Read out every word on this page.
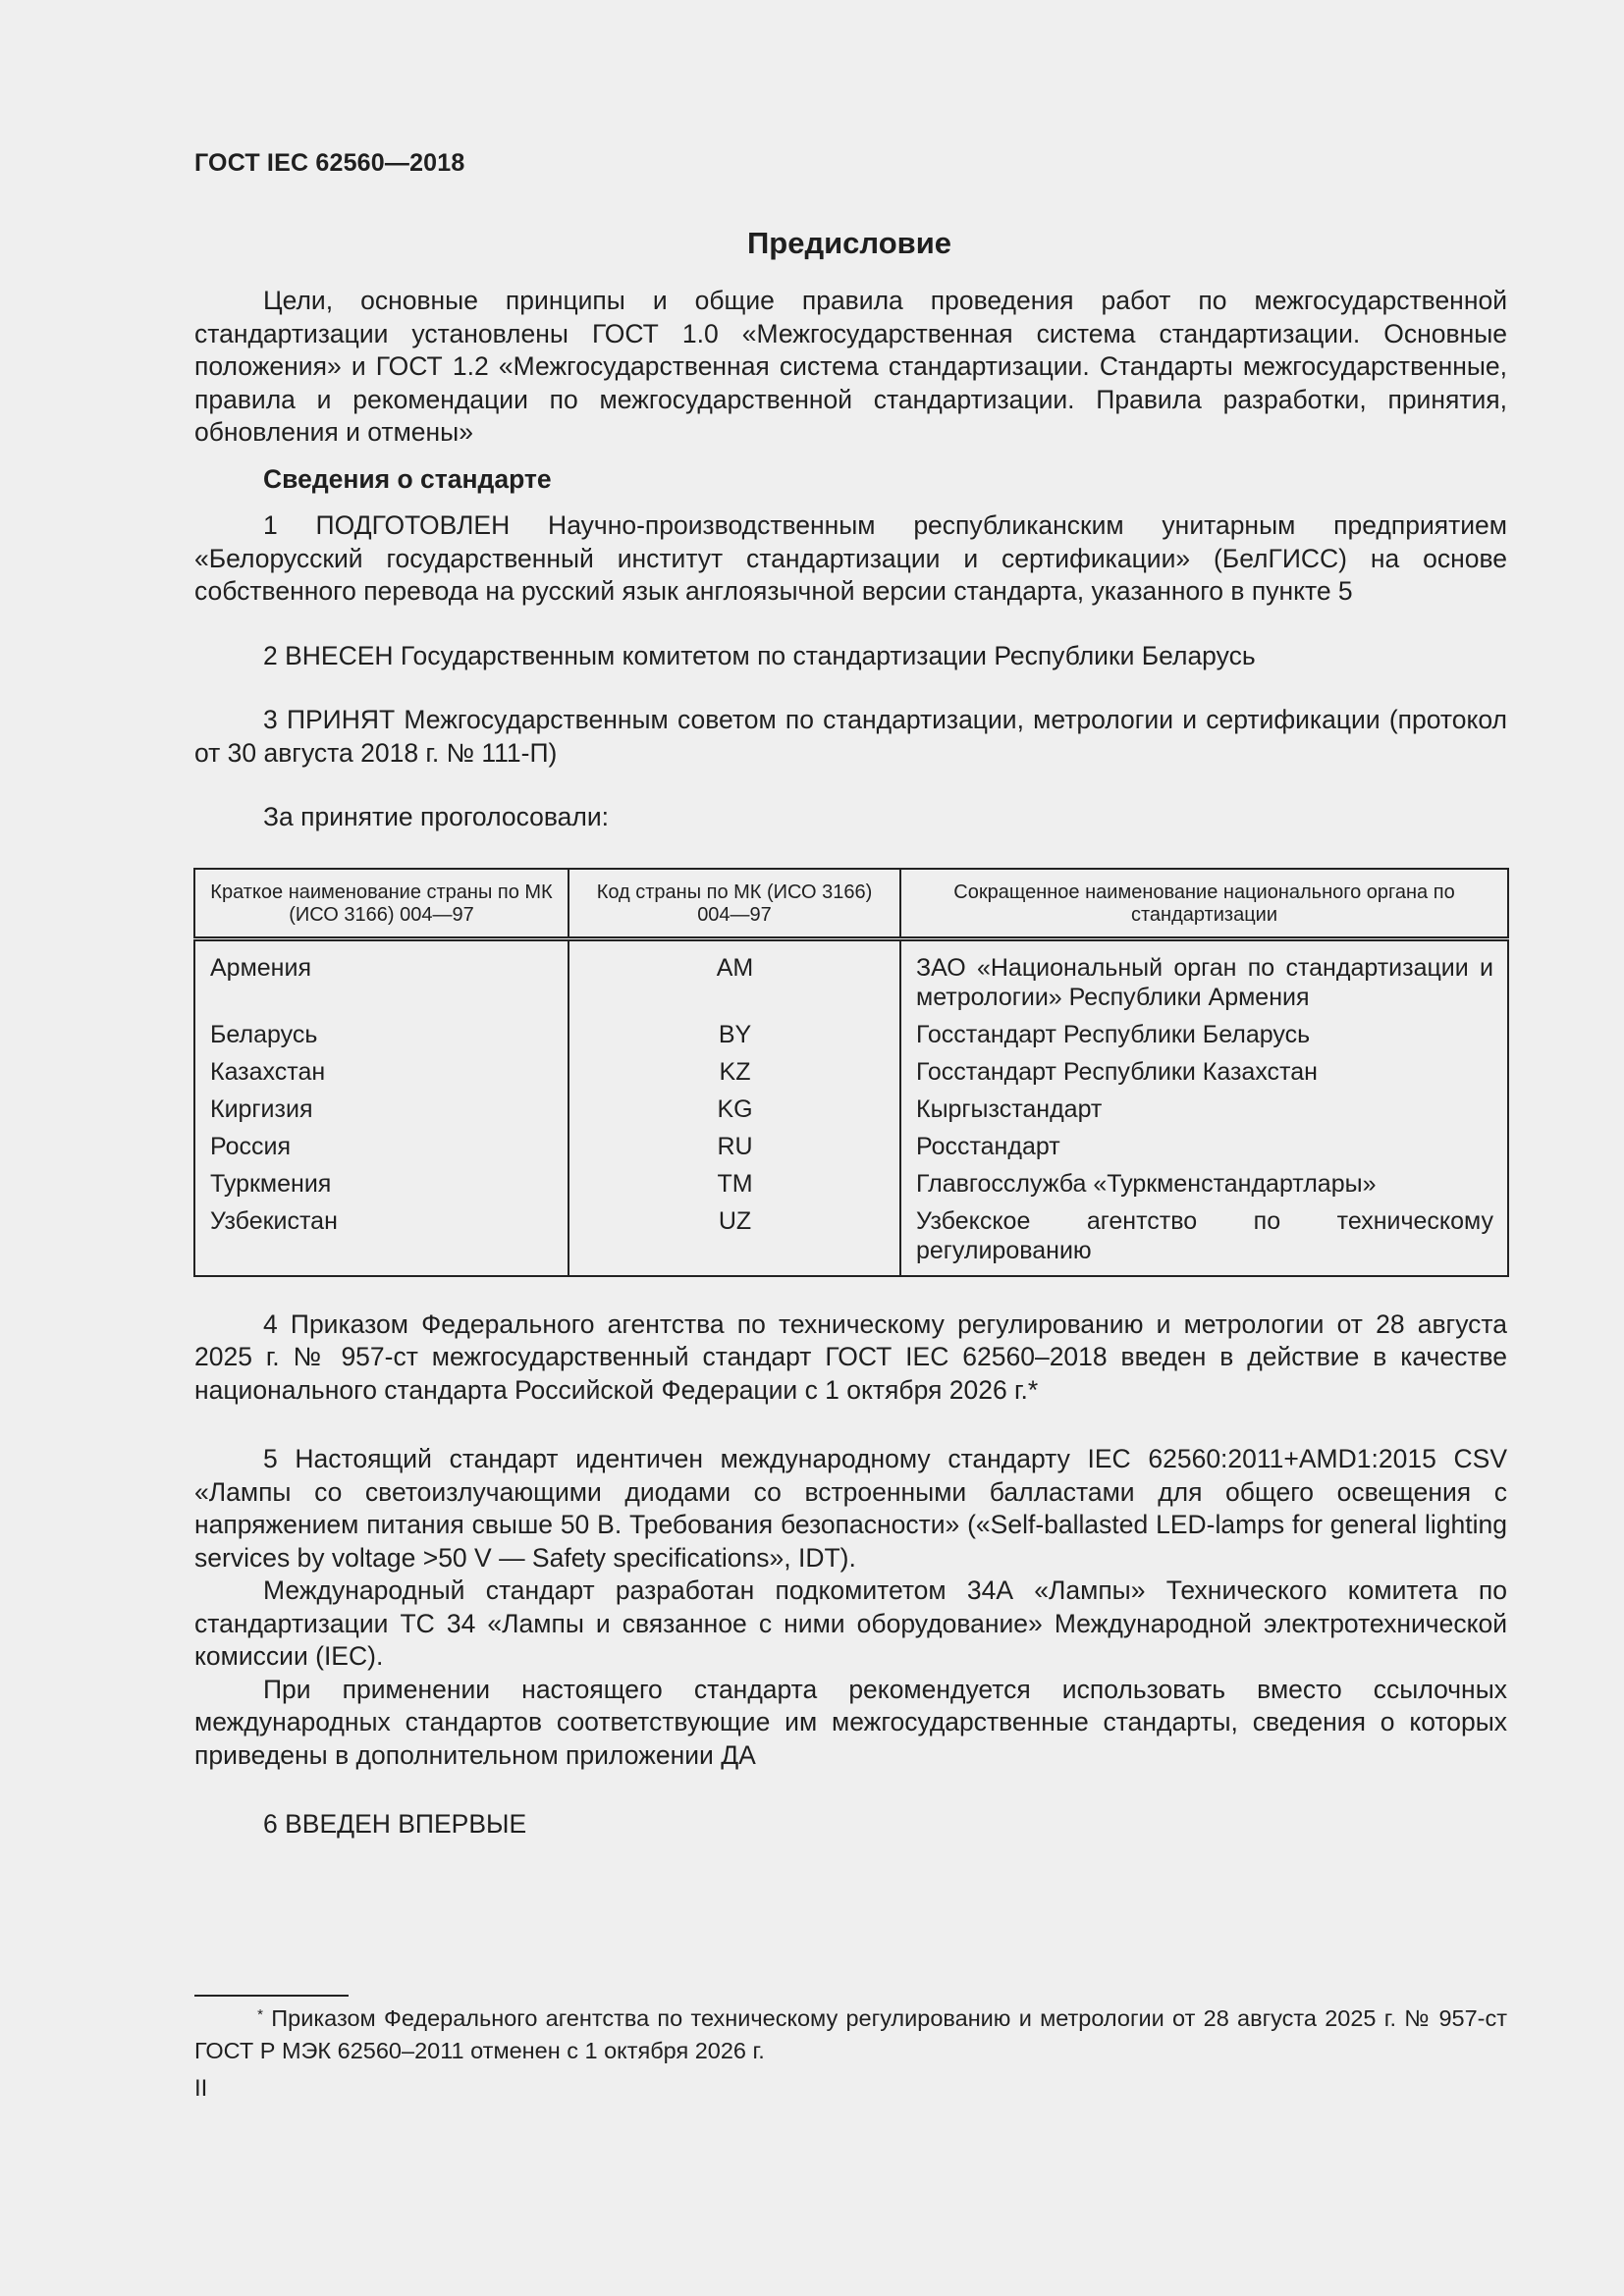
ГОСТ IEC 62560—2018
Предисловие

Цели, основные принципы и общие правила проведения работ по межгосударственной стандартизации установлены ГОСТ 1.0 «Межгосударственная система стандартизации. Основные положения» и ГОСТ 1.2 «Межгосударственная система стандартизации. Стандарты межгосударственные, правила и рекомендации по межгосударственной стандартизации. Правила разработки, принятия, обновления и отмены»

Сведения о стандарте

1 ПОДГОТОВЛЕН Научно-производственным республиканским унитарным предприятием «Белорусский государственный институт стандартизации и сертификации» (БелГИСС) на основе собственного перевода на русский язык англоязычной версии стандарта, указанного в пункте 5

2 ВНЕСЕН Государственным комитетом по стандартизации Республики Беларусь

3 ПРИНЯТ Межгосударственным советом по стандартизации, метрологии и сертификации (протокол от 30 августа 2018 г. № 111-П)

За принятие проголосовали:

Краткое наименование страны по МК (ИСО 3166) 004—97	Код страны по МК (ИСО 3166) 004—97	Сокращенное наименование национального органа по стандартизации
Армения	AM	ЗАО «Национальный орган по стандартизации и метрологии» Республики Армения
Беларусь	BY	Госстандарт Республики Беларусь
Казахстан	KZ	Госстандарт Республики Казахстан
Киргизия	KG	Кыргызстандарт
Россия	RU	Росстандарт
Туркмения	TM	Главгосслужба «Туркменстандартлары»
Узбекистан	UZ	Узбекское агентство по техническому регулированию

4 Приказом Федерального агентства по техническому регулированию и метрологии от 28 августа 2025 г. № 957-ст межгосударственный стандарт ГОСТ IEC 62560–2018 введен в действие в качестве национального стандарта Российской Федерации с 1 октября 2026 г.*

5 Настоящий стандарт идентичен международному стандарту IEC 62560:2011+AMD1:2015 CSV «Лампы со светоизлучающими диодами со встроенными балластами для общего освещения с напряжением питания свыше 50 В. Требования безопасности» («Self-ballasted LED-lamps for general lighting services by voltage >50 V — Safety specifications», IDT).

Международный стандарт разработан подкомитетом 34А «Лампы» Технического комитета по стандартизации ТС 34 «Лампы и связанное с ними оборудование» Международной электротехнической комиссии (IEC).

При применении настоящего стандарта рекомендуется использовать вместо ссылочных международных стандартов соответствующие им межгосударственные стандарты, сведения о которых приведены в дополнительном приложении ДА

6 ВВЕДЕН ВПЕРВЫЕ

* Приказом Федерального агентства по техническому регулированию и метрологии от 28 августа 2025 г. № 957-ст ГОСТ Р МЭК 62560–2011 отменен с 1 октября 2026 г.
II
